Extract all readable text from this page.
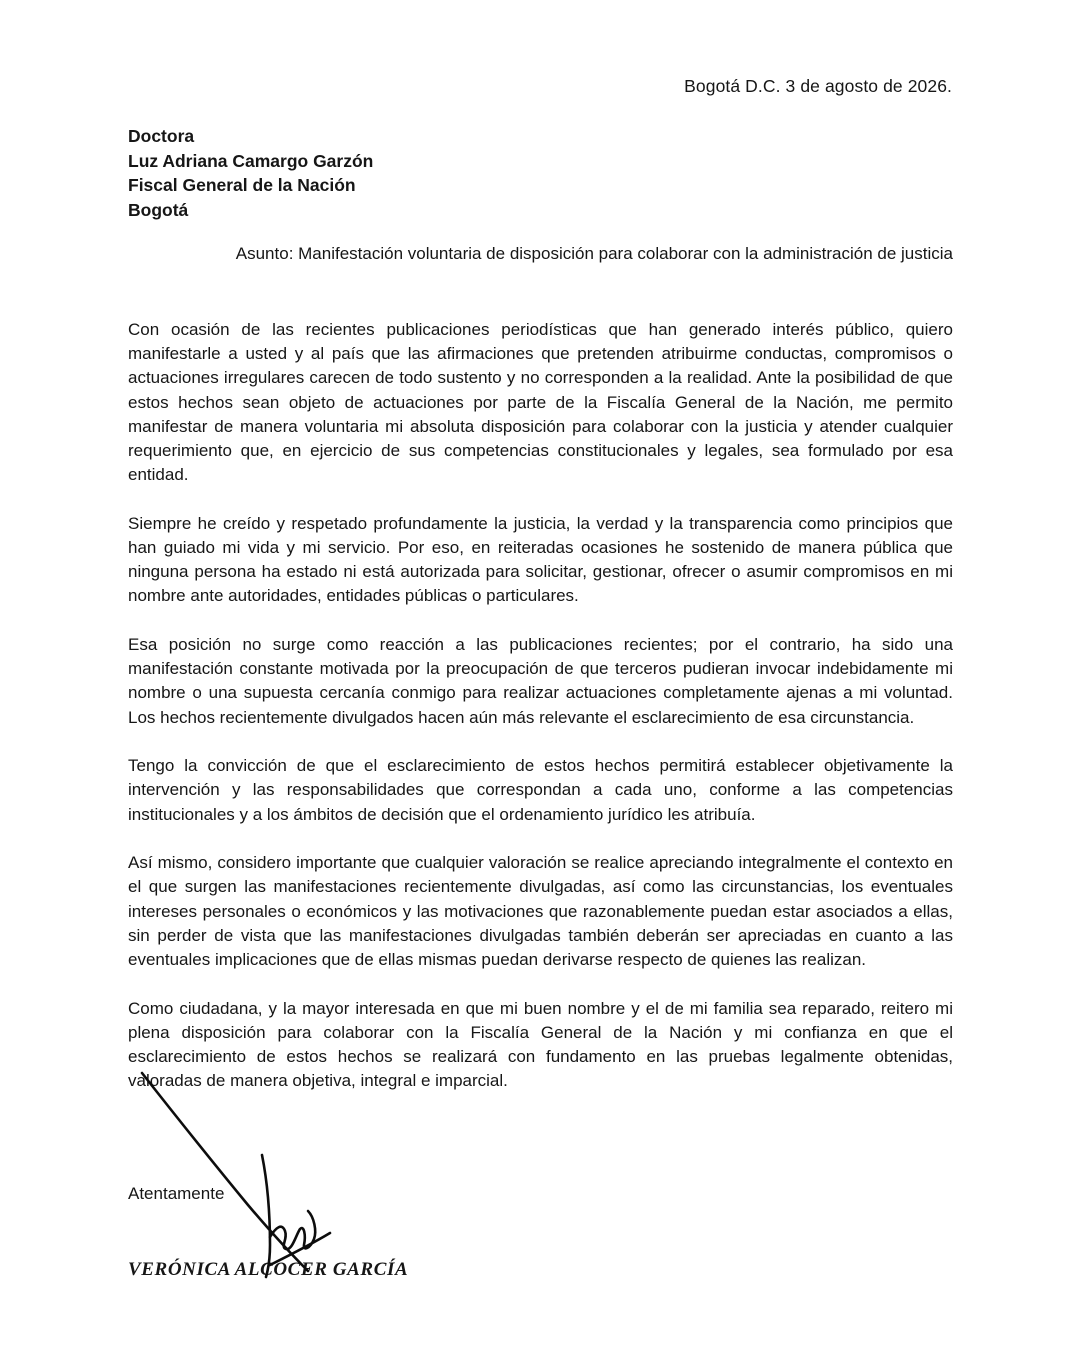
Bogotá D.C. 3 de agosto de 2026.
Doctora
Luz Adriana Camargo Garzón
Fiscal General de la Nación
Bogotá
Asunto: Manifestación voluntaria de disposición para colaborar con la administración de justicia

Con ocasión de las recientes publicaciones periodísticas que han generado interés público, quiero manifestarle a usted y al país que las afirmaciones que pretenden atribuirme conductas, compromisos o actuaciones irregulares carecen de todo sustento y no corresponden a la realidad. Ante la posibilidad de que estos hechos sean objeto de actuaciones por parte de la Fiscalía General de la Nación, me permito manifestar de manera voluntaria mi absoluta disposición para colaborar con la justicia y atender cualquier requerimiento que, en ejercicio de sus competencias constitucionales y legales, sea formulado por esa entidad.

Siempre he creído y respetado profundamente la justicia, la verdad y la transparencia como principios que han guiado mi vida y mi servicio. Por eso, en reiteradas ocasiones he sostenido de manera pública que ninguna persona ha estado ni está autorizada para solicitar, gestionar, ofrecer o asumir compromisos en mi nombre ante autoridades, entidades públicas o particulares.

Esa posición no surge como reacción a las publicaciones recientes; por el contrario, ha sido una manifestación constante motivada por la preocupación de que terceros pudieran invocar indebidamente mi nombre o una supuesta cercanía conmigo para realizar actuaciones completamente ajenas a mi voluntad. Los hechos recientemente divulgados hacen aún más relevante el esclarecimiento de esa circunstancia.

Tengo la convicción de que el esclarecimiento de estos hechos permitirá establecer objetivamente la intervención y las responsabilidades que correspondan a cada uno, conforme a las competencias institucionales y a los ámbitos de decisión que el ordenamiento jurídico les atribuía.

Así mismo, considero importante que cualquier valoración se realice apreciando integralmente el contexto en el que surgen las manifestaciones recientemente divulgadas, así como las circunstancias, los eventuales intereses personales o económicos y las motivaciones que razonablemente puedan estar asociados a ellas, sin perder de vista que las manifestaciones divulgadas también deberán ser apreciadas en cuanto a las eventuales implicaciones que de ellas mismas puedan derivarse respecto de quienes las realizan.

Como ciudadana, y la mayor interesada en que mi buen nombre y el de mi familia sea reparado, reitero mi plena disposición para colaborar con la Fiscalía General de la Nación y mi confianza en que el esclarecimiento de estos hechos se realizará con fundamento en las pruebas legalmente obtenidas, valoradas de manera objetiva, integral e imparcial.

Atentamente
VERÓNICA ALCOCER GARCÍA
